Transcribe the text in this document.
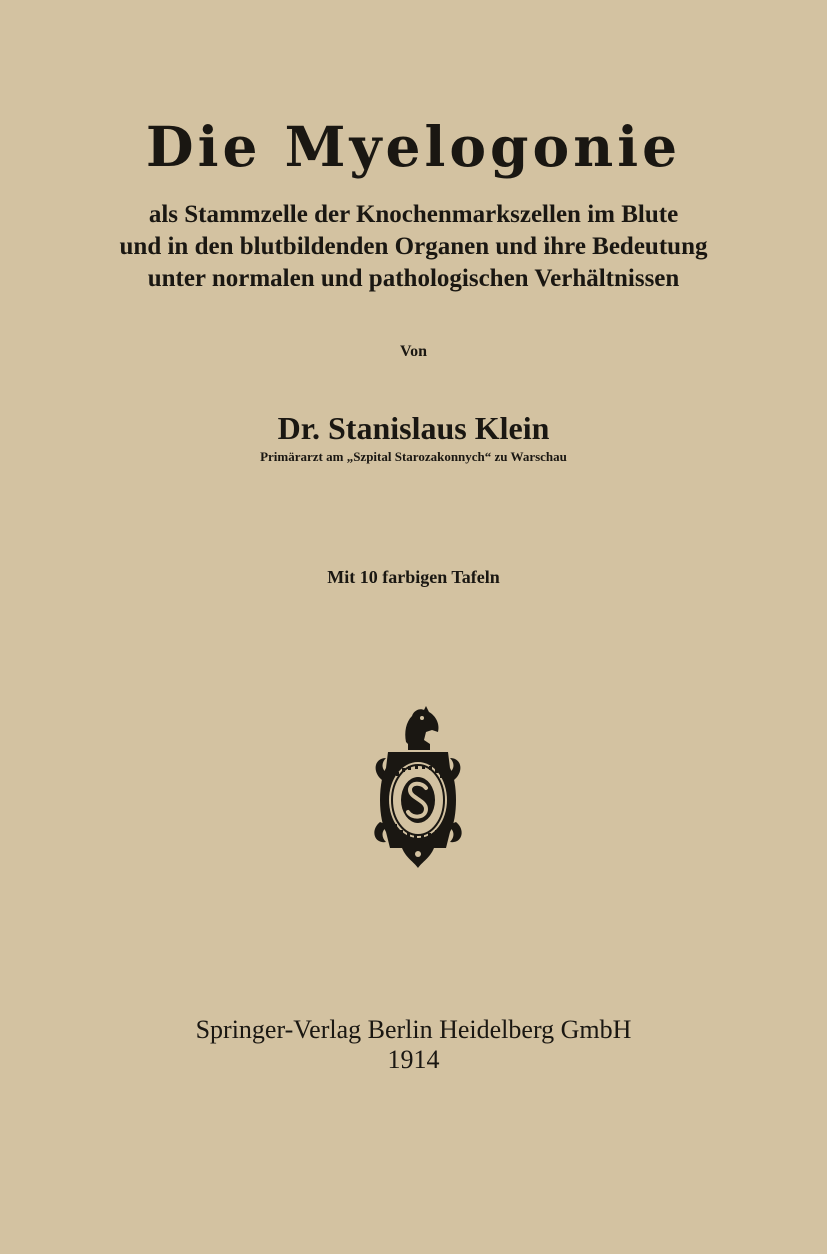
Die Myelogonie
als Stammzelle der Knochenmarkszellen im Blute
und in den blutbildenden Organen und ihre Bedeutung
unter normalen und pathologischen Verhältnissen
Von
Dr. Stanislaus Klein
Primärarzt am „Szpital Starozakonnych“ zu Warschau
Mit 10 farbigen Tafeln
Springer-Verlag Berlin Heidelberg GmbH
1914
